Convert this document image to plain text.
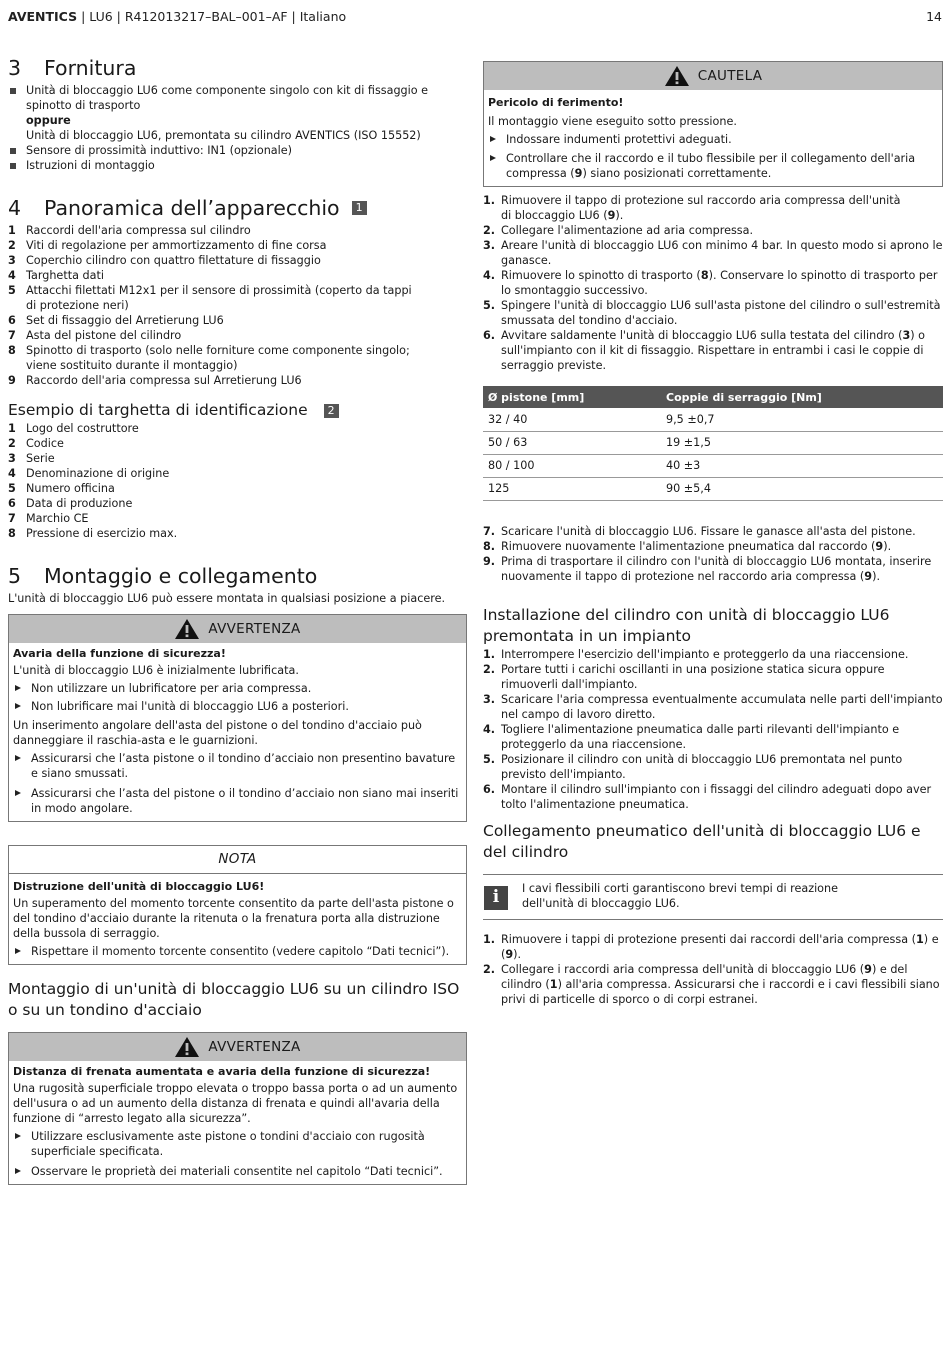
AVENTICS | LU6 | R412013217–BAL–001–AF | Italiano	14
3	Fornitura
Unità di bloccaggio LU6 come componente singolo con kit di fissaggio e spinotto di trasporto
oppure
Unità di bloccaggio LU6, premontata su cilindro AVENTICS (ISO 15552)
Sensore di prossimità induttivo: IN1 (opzionale)
Istruzioni di montaggio
4	Panoramica dell’apparecchio	1
1 Raccordi dell'aria compressa sul cilindro
2 Viti di regolazione per ammortizzamento di fine corsa
3 Coperchio cilindro con quattro filettature di fissaggio
4 Targhetta dati
5 Attacchi filettati M12x1 per il sensore di prossimità (coperto da tappi di protezione neri)
6 Set di fissaggio del Arretierung LU6
7 Asta del pistone del cilindro
8 Spinotto di trasporto (solo nelle forniture come componente singolo; viene sostituito durante il montaggio)
9 Raccordo dell'aria compressa sul Arretierung LU6
Esempio di targhetta di identificazione	2
1 Logo del costruttore
2 Codice
3 Serie
4 Denominazione di origine
5 Numero officina
6 Data di produzione
7 Marchio CE
8 Pressione di esercizio max.
5	Montaggio e collegamento

L'unità di bloccaggio LU6 può essere montata in qualsiasi posizione a piacere.

AVVERTENZA
Avaria della funzione di sicurezza!

L'unità di bloccaggio LU6 è inizialmente lubrificata.

Non utilizzare un lubrificatore per aria compressa.
Non lubrificare mai l'unità di bloccaggio LU6 a posteriori.

Un inserimento angolare dell'asta del pistone o del tondino d'acciaio può danneggiare il raschia-asta e le guarnizioni.

Assicurarsi che l’asta pistone o il tondino d’acciaio non presentino bavature e siano smussati.
Assicurarsi che l’asta del pistone o il tondino d’acciaio non siano mai inseriti in modo angolare.
NOTA
Distruzione dell'unità di bloccaggio LU6!

Un superamento del momento torcente consentito da parte dell'asta pistone o del tondino d'acciaio durante la ritenuta o la frenatura porta alla distruzione della bussola di serraggio.

Rispettare il momento torcente consentito (vedere capitolo “Dati tecnici”).
Montaggio di un'unità di bloccaggio LU6 su un cilindro ISO o su un tondino d'acciaio
AVVERTENZA
Distanza di frenata aumentata e avaria della funzione di sicurezza!

Una rugosità superficiale troppo elevata o troppo bassa porta o ad un aumento dell'usura o ad un aumento della distanza di frenata e quindi all'avaria della funzione di “arresto legato alla sicurezza”.

Utilizzare esclusivamente aste pistone o tondini d'acciaio con rugosità superficiale specificata.
Osservare le proprietà dei materiali consentite nel capitolo “Dati tecnici”.
CAUTELA
Pericolo di ferimento!

Il montaggio viene eseguito sotto pressione.

Indossare indumenti protettivi adeguati.
Controllare che il raccordo e il tubo flessibile per il collegamento dell'aria compressa (9) siano posizionati correttamente.
1. Rimuovere il tappo di protezione sul raccordo aria compressa dell'unità di bloccaggio LU6 (9).
2. Collegare l'alimentazione ad aria compressa.
3. Areare l'unità di bloccaggio LU6 con minimo 4 bar. In questo modo si aprono le ganasce.
4. Rimuovere lo spinotto di trasporto (8). Conservare lo spinotto di trasporto per lo smontaggio successivo.
5. Spingere l'unità di bloccaggio LU6 sull'asta pistone del cilindro o sull'estremità smussata del tondino d'acciaio.
6. Avvitare saldamente l'unità di bloccaggio LU6 sulla testata del cilindro (3) o sull'impianto con il kit di fissaggio. Rispettare in entrambi i casi le coppie di serraggio previste.
Ø pistone [mm]	Coppie di serraggio [Nm]
32 / 40	9,5 ±0,7
50 / 63	19 ±1,5
80 / 100	40 ±3
125	90 ±5,4
7. Scaricare l'unità di bloccaggio LU6. Fissare le ganasce all'asta del pistone.
8. Rimuovere nuovamente l'alimentazione pneumatica dal raccordo (9).
9. Prima di trasportare il cilindro con l'unità di bloccaggio LU6 montata, inserire nuovamente il tappo di protezione nel raccordo aria compressa (9).
Installazione del cilindro con unità di bloccaggio LU6 premontata in un impianto
1. Interrompere l'esercizio dell'impianto e proteggerlo da una riaccensione.
2. Portare tutti i carichi oscillanti in una posizione statica sicura oppure rimuoverli dall'impianto.
3. Scaricare l'aria compressa eventualmente accumulata nelle parti dell'impianto nel campo di lavoro diretto.
4. Togliere l'alimentazione pneumatica dalle parti rilevanti dell'impianto e proteggerlo da una riaccensione.
5. Posizionare il cilindro con unità di bloccaggio LU6 premontata nel punto previsto dell'impianto.
6. Montare il cilindro sull'impianto con i fissaggi del cilindro adeguati dopo aver tolto l'alimentazione pneumatica.
Collegamento pneumatico dell'unità di bloccaggio LU6 e del cilindro
i	I cavi flessibili corti garantiscono brevi tempi di reazione dell'unità di bloccaggio LU6.

1. Rimuovere i tappi di protezione presenti dai raccordi dell'aria compressa (1) e (9).
2. Collegare i raccordi aria compressa dell'unità di bloccaggio LU6 (9) e del cilindro (1) all'aria compressa. Assicurarsi che i raccordi e i cavi flessibili siano privi di particelle di sporco o di corpi estranei.
